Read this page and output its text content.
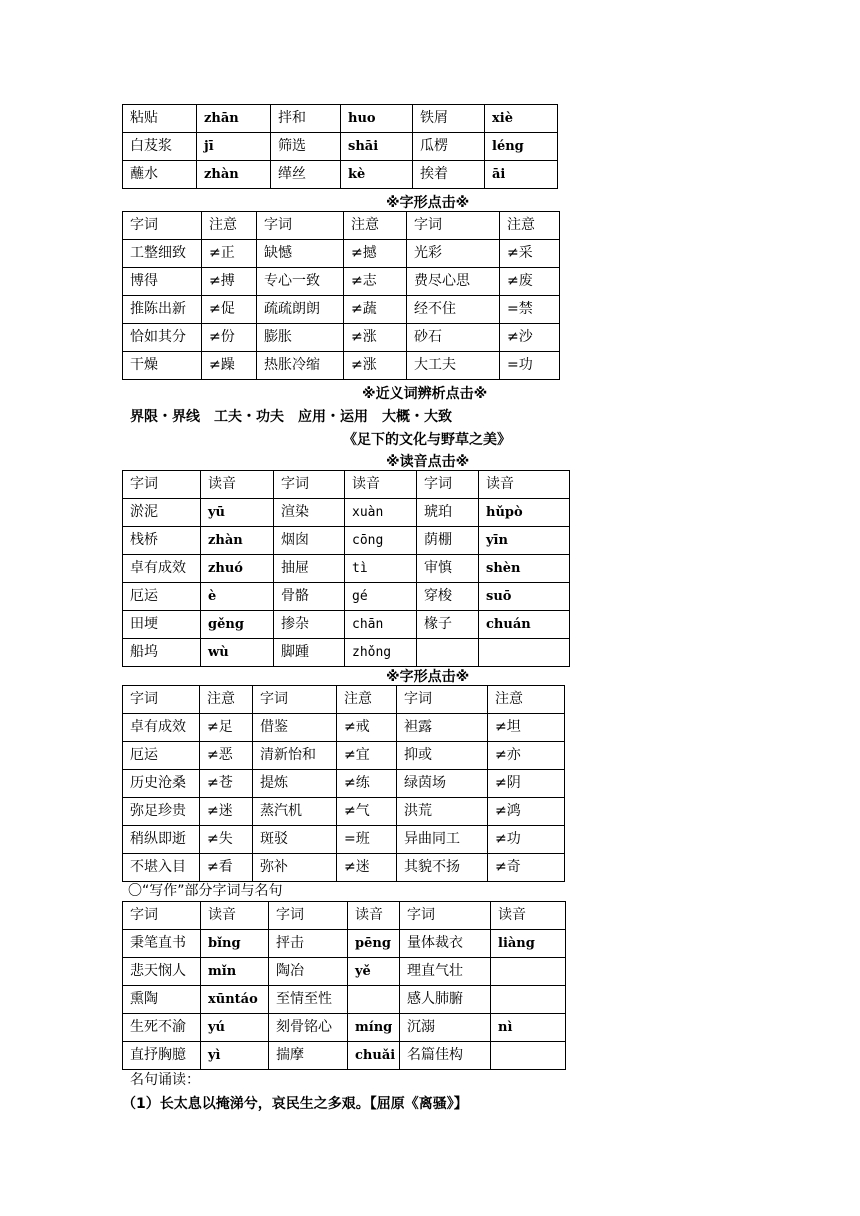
粘贴	zhān	拌和	huo	铁屑	xiè
白芨浆	jī	筛选	shāi	瓜楞	léng
蘸水	zhàn	缂丝	kè	挨着	āi
※字形点击※
字词	注意	字词	注意	字词	注意
工整细致	≠正	缺憾	≠撼	光彩	≠采
博得	≠搏	专心一致	≠志	费尽心思	≠废
推陈出新	≠促	疏疏朗朗	≠蔬	经不住	=禁
恰如其分	≠份	膨胀	≠涨	砂石	≠沙
干燥	≠躁	热胀冷缩	≠涨	大工夫	=功
※近义词辨析点击※
界限・界线　工夫・功夫　应用・运用　大概・大致
《足下的文化与野草之美》
※读音点击※
字词	读音	字词	读音	字词	读音
淤泥	yū	渲染	xuàn	琥珀	hǔpò
栈桥	zhàn	烟囱	cōng	荫棚	yīn
卓有成效	zhuó	抽屉	tì	审慎	shèn
厄运	è	骨骼	gé	穿梭	suō
田埂	gěng	掺杂	chān	椽子	chuán
船坞	wù	脚踵	zhǒng		
※字形点击※
字词	注意	字词	注意	字词	注意
卓有成效	≠足	借鉴	≠戒	袒露	≠坦
厄运	≠恶	清新怡和	≠宜	抑或	≠亦
历史沧桑	≠苍	提炼	≠练	绿茵场	≠阴
弥足珍贵	≠迷	蒸汽机	≠气	洪荒	≠鸿
稍纵即逝	≠失	斑驳	=班	异曲同工	≠功
不堪入目	≠看	弥补	≠迷	其貌不扬	≠奇
〇“写作”部分字词与名句
字词	读音	字词	读音	字词	读音
秉笔直书	bǐng	抨击	pēng	量体裁衣	liàng
悲天悯人	mǐn	陶冶	yě	理直气壮	
熏陶	xūntáo	至情至性		感人肺腑	
生死不渝	yú	刻骨铭心	míng	沉溺	nì
直抒胸臆	yì	揣摩	chuǎi	名篇佳构	
名句诵读：
（1）长太息以掩涕兮，哀民生之多艰。【屈原《离骚》】
